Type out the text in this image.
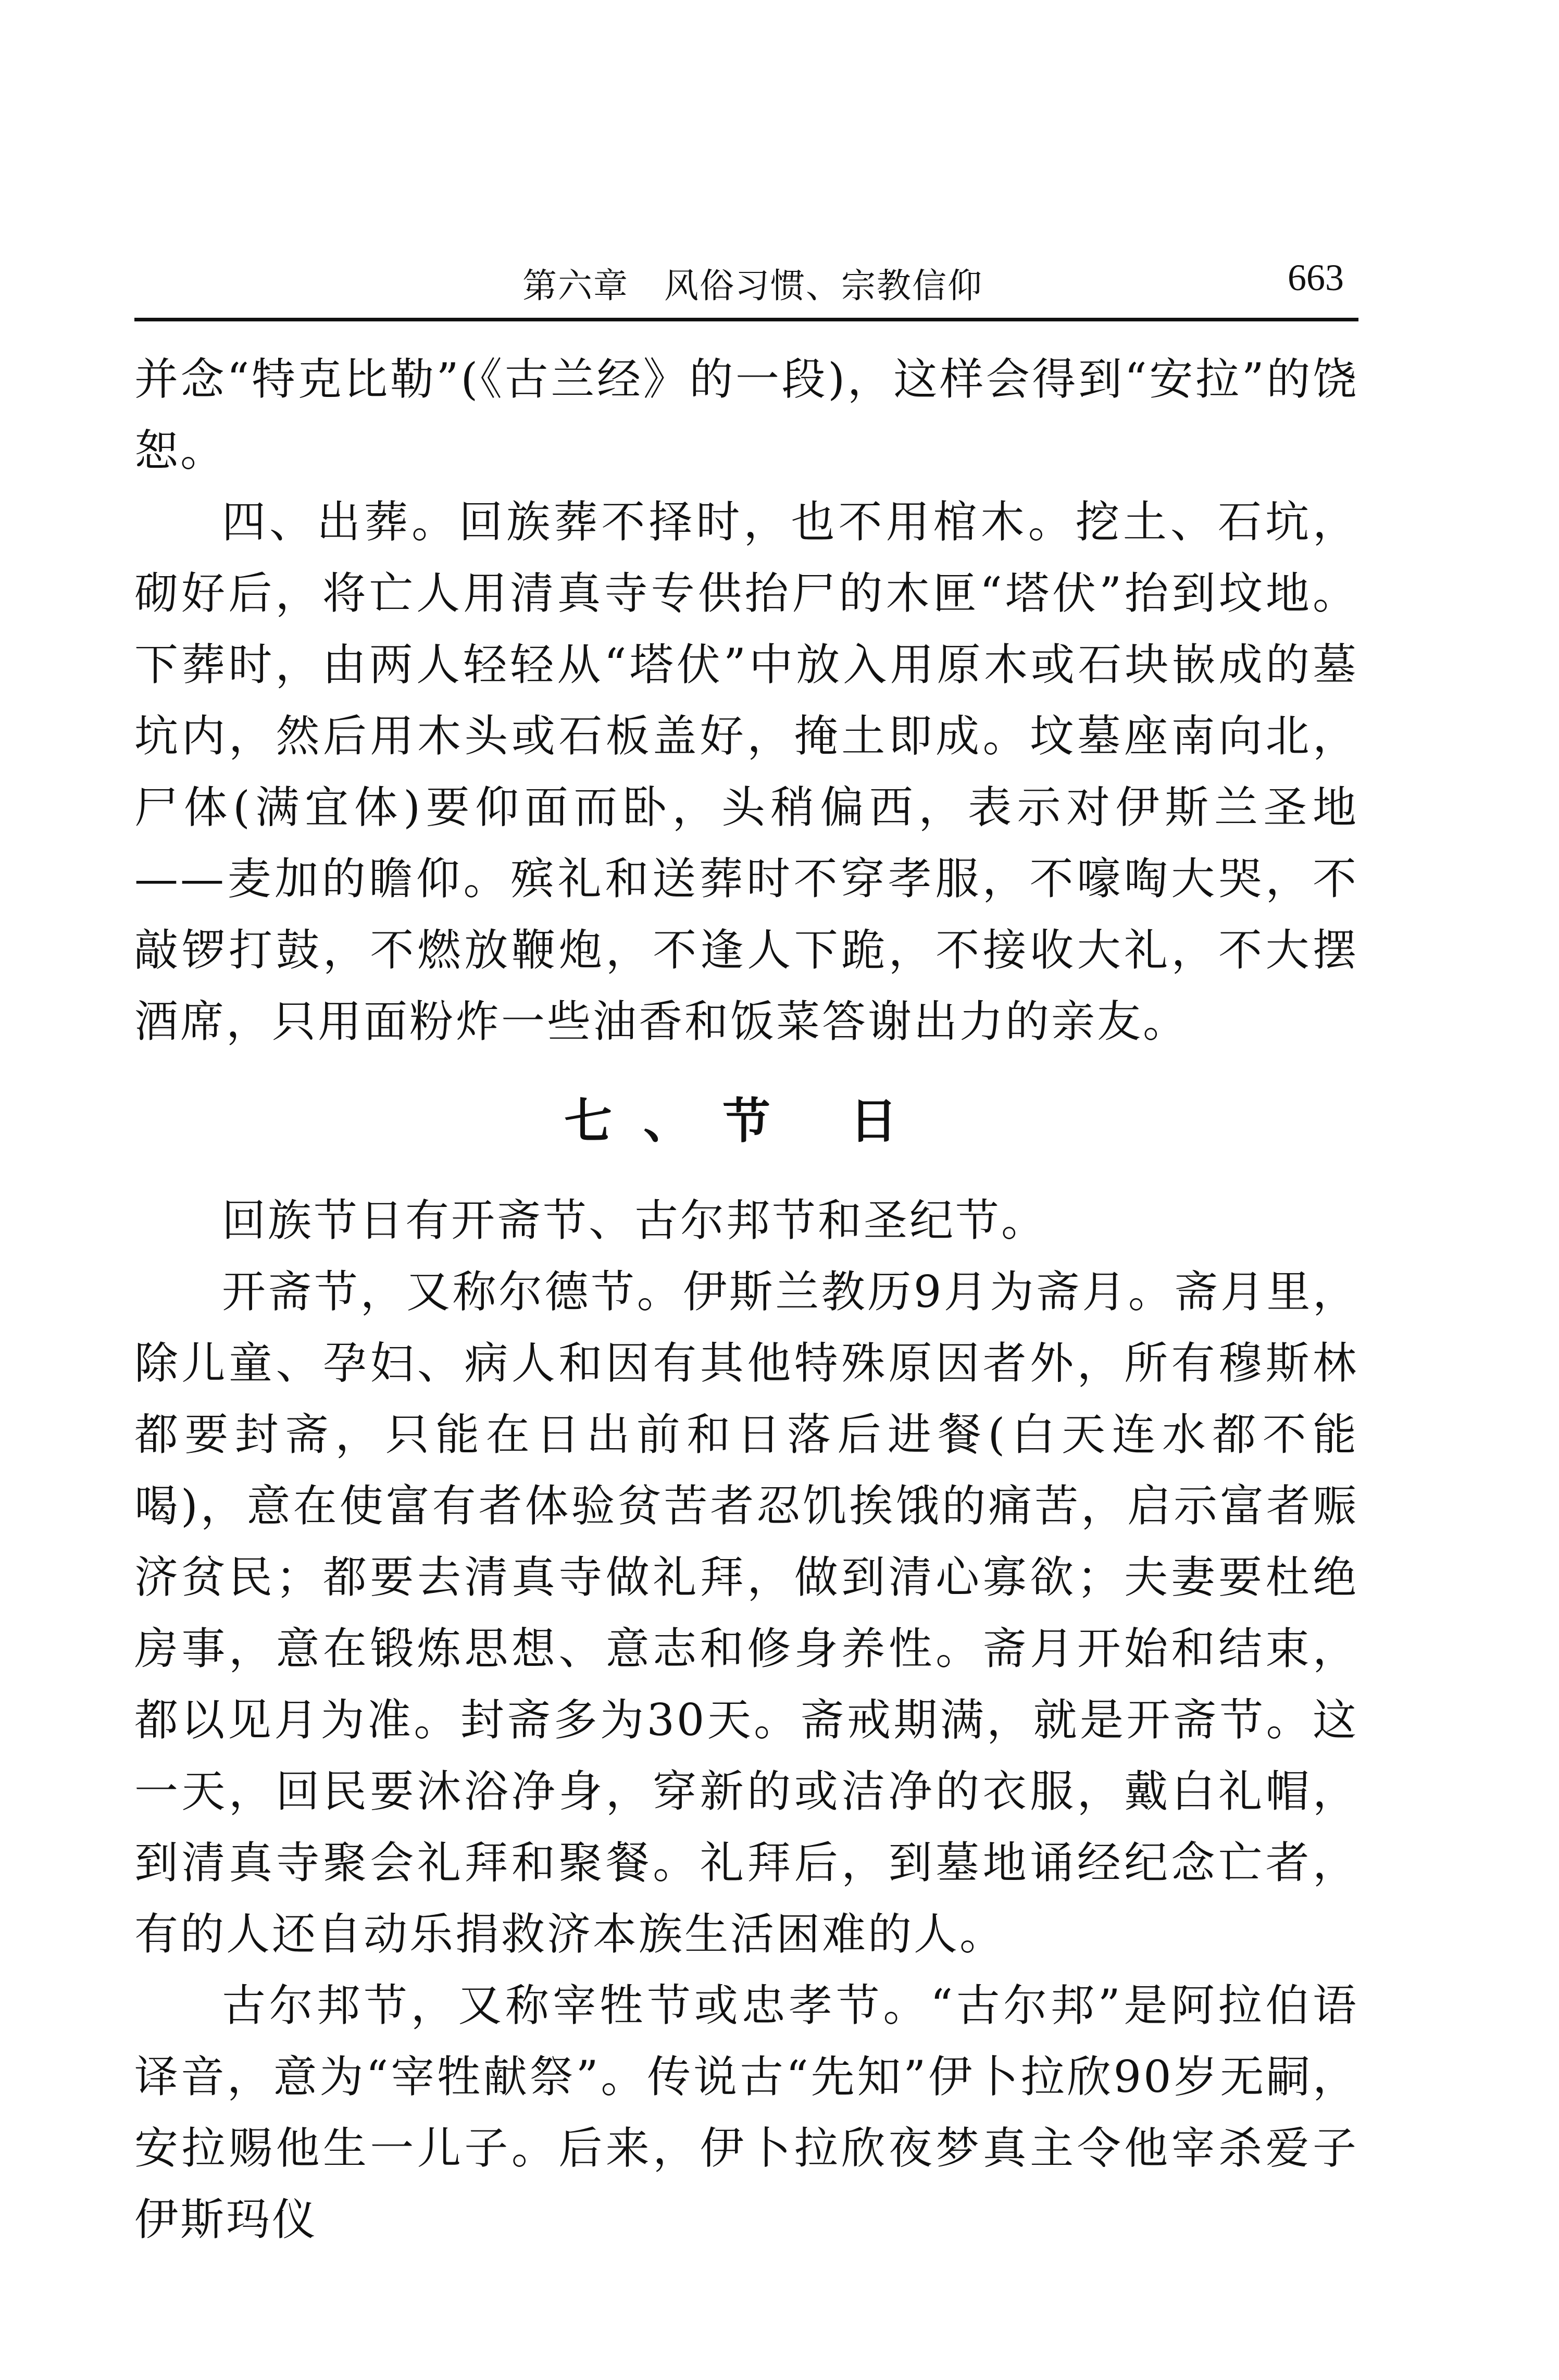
第六章　风俗习惯、宗教信仰	663

并念“特克比勒”(《古兰经》的一段)，这样会得到“安拉”的饶恕。

四、出葬。回族葬不择时，也不用棺木。挖土、石坑，砌好后，将亡人用清真寺专供抬尸的木匣“塔伏”抬到坟地。下葬时，由两人轻轻从“塔伏”中放入用原木或石块嵌成的墓坑内，然后用木头或石板盖好，掩土即成。坟墓座南向北，尸体(满宜体)要仰面而卧，头稍偏西，表示对伊斯兰圣地——麦加的瞻仰。殡礼和送葬时不穿孝服，不嚎啕大哭，不敲锣打鼓，不燃放鞭炮，不逢人下跪，不接收大礼，不大摆酒席，只用面粉炸一些油香和饭菜答谢出力的亲友。

七、节 日

回族节日有开斋节、古尔邦节和圣纪节。

开斋节，又称尔德节。伊斯兰教历9月为斋月。斋月里，除儿童、孕妇、病人和因有其他特殊原因者外，所有穆斯林都要封斋，只能在日出前和日落后进餐(白天连水都不能喝)，意在使富有者体验贫苦者忍饥挨饿的痛苦，启示富者赈济贫民；都要去清真寺做礼拜，做到清心寡欲；夫妻要杜绝房事，意在锻炼思想、意志和修身养性。斋月开始和结束，都以见月为准。封斋多为30天。斋戒期满，就是开斋节。这一天，回民要沐浴净身，穿新的或洁净的衣服，戴白礼帽，到清真寺聚会礼拜和聚餐。礼拜后，到墓地诵经纪念亡者，有的人还自动乐捐救济本族生活困难的人。

古尔邦节，又称宰牲节或忠孝节。“古尔邦”是阿拉伯语译音，意为“宰牲献祭”。传说古“先知”伊卜拉欣90岁无嗣，安拉赐他生一儿子。后来，伊卜拉欣夜梦真主令他宰杀爱子伊斯玛仪
